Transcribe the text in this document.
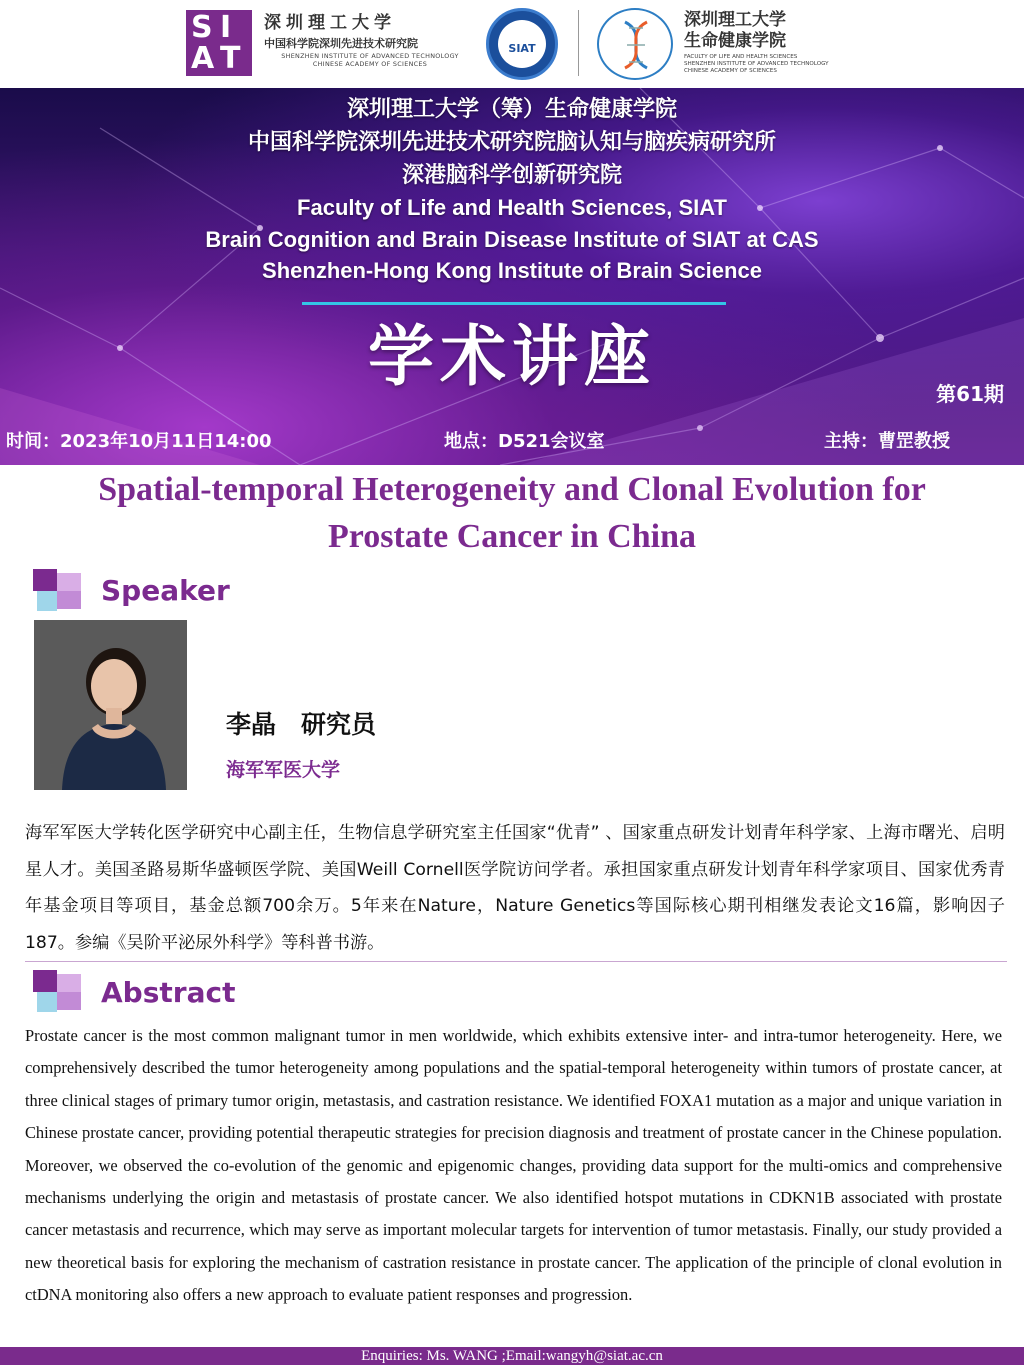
S I
A T
深圳理工大学
中国科学院深圳先进技术研究院
SHENZHEN INSTITUTE OF ADVANCED TECHNOLOGY
CHINESE ACADEMY OF SCIENCES
SIAT
深圳理工大学
生命健康学院
FACULTY OF LIFE AND HEALTH SCIENCES
SHENZHEN INSTITUTE OF ADVANCED TECHNOLOGY
CHINESE ACADEMY OF SCIENCES
深圳理工大学（筹）生命健康学院
中国科学院深圳先进技术研究院脑认知与脑疾病研究所
深港脑科学创新研究院
Faculty of Life and Health Sciences, SIAT
Brain Cognition and Brain Disease Institute of SIAT at CAS
Shenzhen-Hong Kong Institute of Brain Science
学术讲座	第61期
时间：2023年10月11日14:00	地点：D521会议室	主持：曹罡教授
Spatial-temporal Heterogeneity and Clonal Evolution for
Prostate Cancer in China
Speaker
李晶　研究员
海军军医大学
海军军医大学转化医学研究中心副主任，生物信息学研究室主任国家“优青” 、国家重点研发计划青年科学家、上海市曙光、启明星人才。美国圣路易斯华盛顿医学院、美国Weill Cornell医学院访问学者。承担国家重点研发计划青年科学家项目、国家优秀青年基金项目等项目，基金总额700余万。5年来在Nature，Nature Genetics等国际核心期刊相继发表论文16篇，影响因子187。参编《吴阶平泌尿外科学》等科普书游。
Abstract
Prostate cancer is the most common malignant tumor in men worldwide, which exhibits extensive inter- and intra-tumor heterogeneity. Here, we comprehensively described the tumor heterogeneity among populations and the spatial-temporal heterogeneity within tumors of prostate cancer, at three clinical stages of primary tumor origin, metastasis, and castration resistance. We identified FOXA1 mutation as a major and unique variation in Chinese prostate cancer, providing potential therapeutic strategies for precision diagnosis and treatment of prostate cancer in the Chinese population. Moreover, we observed the co-evolution of the genomic and epigenomic changes, providing data support for the multi-omics and comprehensive mechanisms underlying the origin and metastasis of prostate cancer. We also identified hotspot mutations in CDKN1B associated with prostate cancer metastasis and recurrence, which may serve as important molecular targets for intervention of tumor metastasis. Finally, our study provided a new theoretical basis for exploring the mechanism of castration resistance in prostate cancer. The application of the principle of clonal evolution in ctDNA monitoring also offers a new approach to evaluate patient responses and progression.
Enquiries: Ms. WANG ;Email:wangyh@siat.ac.cn
